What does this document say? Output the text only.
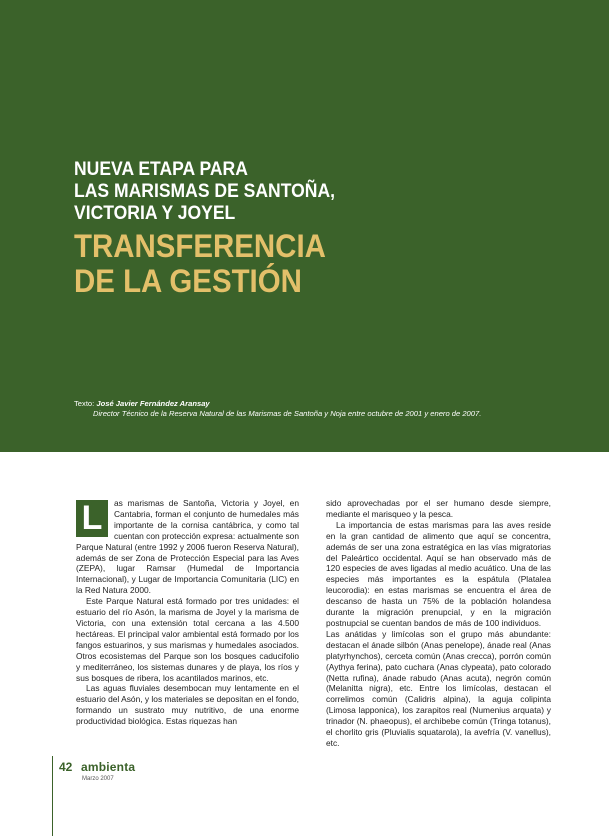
NUEVA ETAPA PARA
LAS MARISMAS DE SANTOÑA,
VICTORIA Y JOYEL
TRANSFERENCIA
DE LA GESTIÓN
Texto: José Javier Fernández Aransay
Director Técnico de la Reserva Natural de las Marismas de Santoña y Noja entre octubre de 2001 y enero de 2007.
L	as marismas de Santoña, Victoria y Joyel, en Cantabria, forman el conjunto de humedales más importante de la cornisa cantábrica, y como tal cuentan con protección expresa: actualmente son Parque Natural (entre 1992 y 2006 fueron Reserva Natural), además de ser Zona de Protección Especial para las Aves (ZEPA), lugar Ramsar (Humedal de Importancia Internacional), y Lugar de Importancia Comunitaria (LIC) en la Red Natura 2000.

Este Parque Natural está formado por tres unidades: el estuario del río Asón, la marisma de Joyel y la marisma de Victoria, con una extensión total cercana a las 4.500 hectáreas. El principal valor ambiental está formado por los fangos estuarinos, y sus marismas y humedales asociados. Otros ecosistemas del Parque son los bosques caducifolio y mediterráneo, los sistemas dunares y de playa, los ríos y sus bosques de ribera, los acantilados marinos, etc.

Las aguas fluviales desembocan muy lentamente en el estuario del Asón, y los materiales se depositan en el fondo, formando un sustrato muy nutritivo, de una enorme productividad biológica. Estas riquezas han

sido aprovechadas por el ser humano desde siempre, mediante el marisqueo y la pesca.

La importancia de estas marismas para las aves reside en la gran cantidad de alimento que aquí se concentra, además de ser una zona estratégica en las vías migratorias del Paleártico occidental. Aquí se han observado más de 120 especies de aves ligadas al medio acuático. Una de las especies más importantes es la espátula (Platalea leucorodia): en estas marismas se encuentra el área de descanso de hasta un 75% de la población holandesa durante la migración prenupcial, y en la migración postnupcial se cuentan bandos de más de 100 individuos.

Las anátidas y limícolas son el grupo más abundante: destacan el ánade silbón (Anas penelope), ánade real (Anas platyrhynchos), cerceta común (Anas crecca), porrón común (Aythya ferina), pato cuchara (Anas clypeata), pato colorado (Netta rufina), ánade rabudo (Anas acuta), negrón común (Melanitta nigra), etc. Entre los limícolas, destacan el correlimos común (Calidris alpina), la aguja colipinta (Limosa lapponica), los zarapitos real (Numenius arquata) y trinador (N. phaeopus), el archibebe común (Tringa totanus), el chorlito gris (Pluvialis squatarola), la avefría (V. vanellus), etc.

42 ambienta
Marzo 2007
